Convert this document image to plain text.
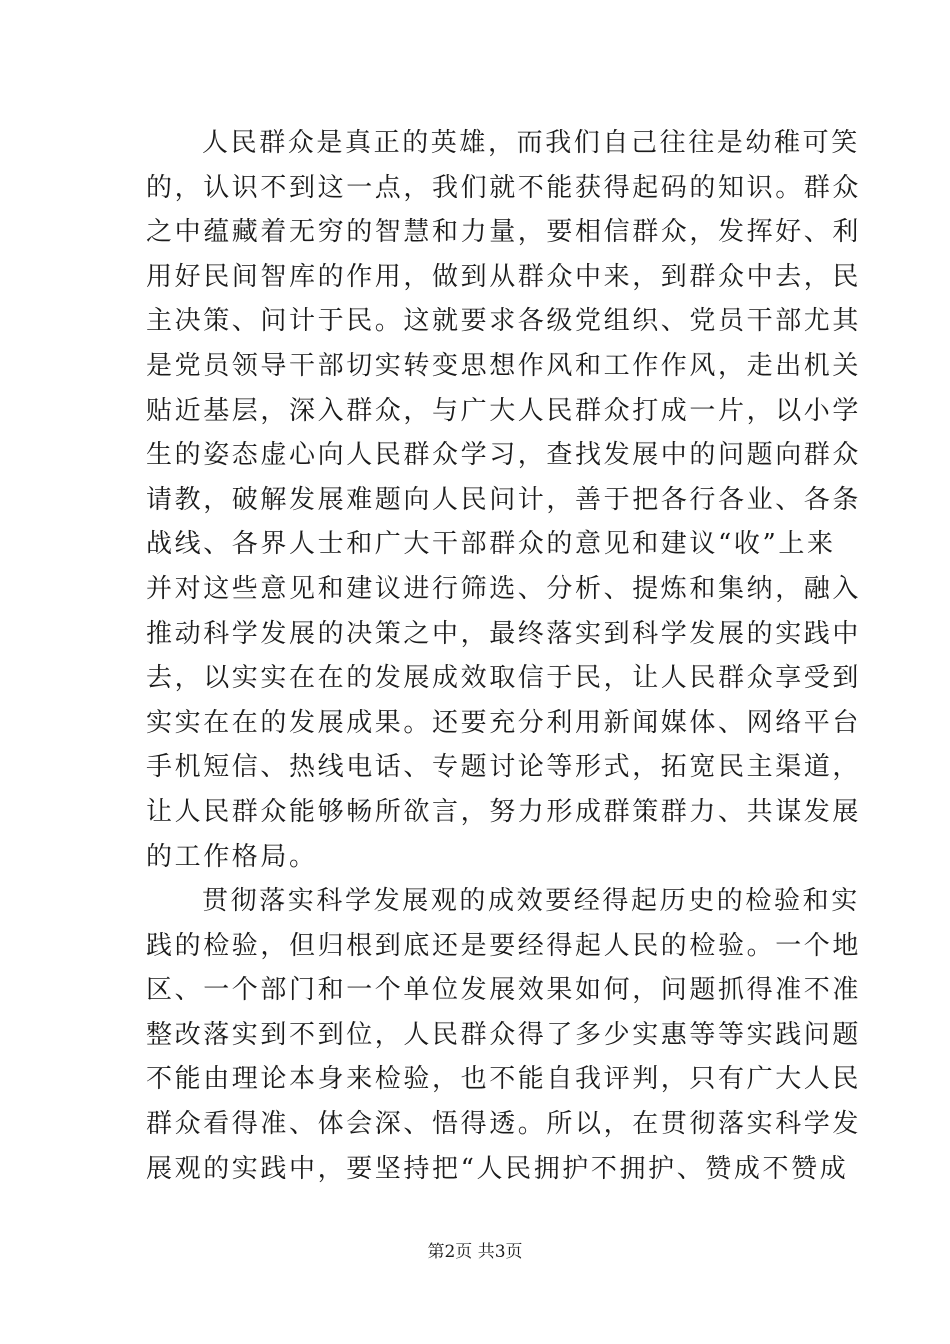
人民群众是真正的英雄，而我们自己往往是幼稚可笑
的，认识不到这一点，我们就不能获得起码的知识。群众
之中蕴藏着无穷的智慧和力量，要相信群众，发挥好、利
用好民间智库的作用，做到从群众中来，到群众中去，民
主决策、问计于民。这就要求各级党组织、党员干部尤其
是党员领导干部切实转变思想作风和工作作风，走出机关
贴近基层，深入群众，与广大人民群众打成一片，以小学
生的姿态虚心向人民群众学习，查找发展中的问题向群众
请教，破解发展难题向人民问计，善于把各行各业、各条
战线、各界人士和广大干部群众的意见和建议“收”上来
并对这些意见和建议进行筛选、分析、提炼和集纳，融入
推动科学发展的决策之中，最终落实到科学发展的实践中
去，以实实在在的发展成效取信于民，让人民群众享受到
实实在在的发展成果。还要充分利用新闻媒体、网络平台
手机短信、热线电话、专题讨论等形式，拓宽民主渠道，
让人民群众能够畅所欲言，努力形成群策群力、共谋发展
的工作格局。
贯彻落实科学发展观的成效要经得起历史的检验和实
践的检验，但归根到底还是要经得起人民的检验。一个地
区、一个部门和一个单位发展效果如何，问题抓得准不准
整改落实到不到位，人民群众得了多少实惠等等实践问题
不能由理论本身来检验，也不能自我评判，只有广大人民
群众看得准、体会深、悟得透。所以，在贯彻落实科学发
展观的实践中，要坚持把“人民拥护不拥护、赞成不赞成
第2页 共3页
